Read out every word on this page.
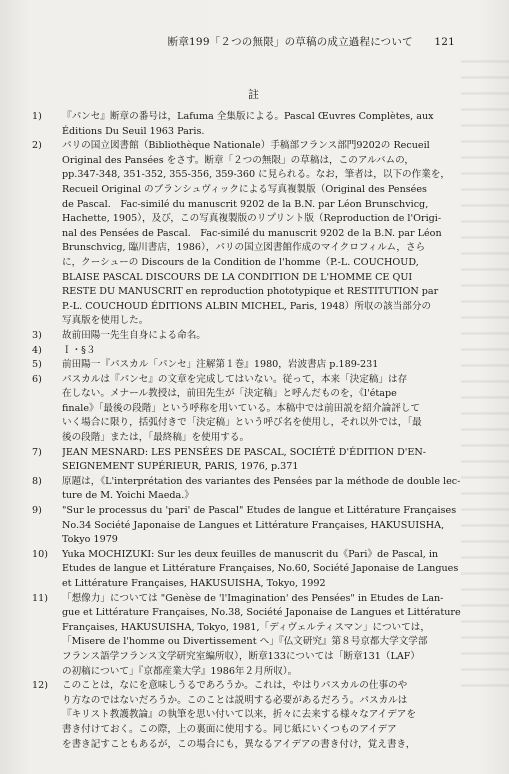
断章199「２つの無限」の草稿の成立過程について 121
註
1)	『パンセ』断章の番号は，Lafuma 全集版による。Pascal Œuvres Complètes, aux
Éditions Du Seuil 1963 Paris.
2)	パリの国立図書館（Bibliothèque Nationale）手稿部フランス部門9202の Recueil
Original des Pansées をさす。断章「２つの無限」の草稿は，このアルバムの，
pp.347-348, 351-352, 355-356, 359-360 に見られる。なお，筆者は，以下の作業を，
Recueil Original のブランシュヴィックによる写真複製版（Original des Pensées
de Pascal.　Fac-similé du manuscrit 9202 de la B.N. par Léon Brunschvicg,
Hachette, 1905），及び，この写真複製版のリプリント版（Reproduction de l'Origi-
nal des Pensées de Pascal.　Fac-similé du manuscrit 9202 de la B.N. par Léon
Brunschvicg, 臨川書店，1986），パリの国立図書館作成のマイクロフィルム，さら
に，クーシューの Discours de la Condition de l'homme（P.-L. COUCHOUD,
BLAISE PASCAL DISCOURS DE LA CONDITION DE L'HOMME CE QUI
RESTE DU MANUSCRIT en reproduction phototypique et RESTITUTION par
P.-L. COUCHOUD ÉDITIONS ALBIN MICHEL, Paris, 1948）所収の該当部分の
写真版を使用した。
3)	故前田陽一先生自身による命名。
4)	Ｉ・§３
5)	前田陽一『パスカル「パンセ」注解第１巻』1980，岩波書店 p.189-231
6)	パスカルは『パンセ』の文章を完成してはいない。従って，本来「決定稿」は存
在しない。メナール教授は，前田先生が「決定稿」と呼んだものを，《l'étape
finale》「最後の段階」という呼称を用いている。本稿中では前田説を紹介論評して
いく場合に限り，括弧付きで「決定稿」という呼び名を使用し，それ以外では，「最
後の段階」または，「最終稿」を使用する。
7)	JEAN MESNARD: LES PENSÉES DE PASCAL, SOCIÉTÉ D'ÉDITION D'EN-
SEIGNEMENT SUPÉRIEUR, PARIS, 1976, p.371
8)	原題は，《L'interprétation des variantes des Pensées par la méthode de double lec-
ture de M. Yoichi Maeda.》
9)	"Sur le processus du 'pari' de Pascal" Etudes de langue et Littérature Françaises
No.34 Société Japonaise de Langues et Littérature Françaises, HAKUSUISHA,
Tokyo 1979
10)	Yuka MOCHIZUKI: Sur les deux feuilles de manuscrit du《Pari》de Pascal, in
Etudes de langue et Littérature Françaises, No.60, Société Japonaise de Langues
et Littérature Françaises, HAKUSUISHA, Tokyo, 1992
11)	「想像力」については "Genèse de 'l'Imagination' des Pensées" in Etudes de Lan-
gue et Littérature Françaises, No.38, Société Japonaise de Langues et Littérature
Françaises, HAKUSUISHA, Tokyo, 1981,「ディヴェルティスマン」については，
「Misere de l'homme ou Divertissement へ」『仏文研究』第８号京都大学文学部
フランス語学フランス文学研究室編所収），断章133については「断章131（LAF）
の初稿について」『京都産業大学』1986年２月所収）。
12)	このことは，なにを意味しうるであろうか。これは，やはりパスカルの仕事のや
り方なのではないだろうか。このことは説明する必要があるだろう。パスカルは
『キリスト教護教論』の執筆を思い付いて以来，折々に去来する様々なアイデアを
書き付けておく。この際，上の裏面に使用する。同じ紙にいくつものアイデア
を書き記すこともあるが，この場合にも，異なるアイデアの書き付け，覚え書き，
